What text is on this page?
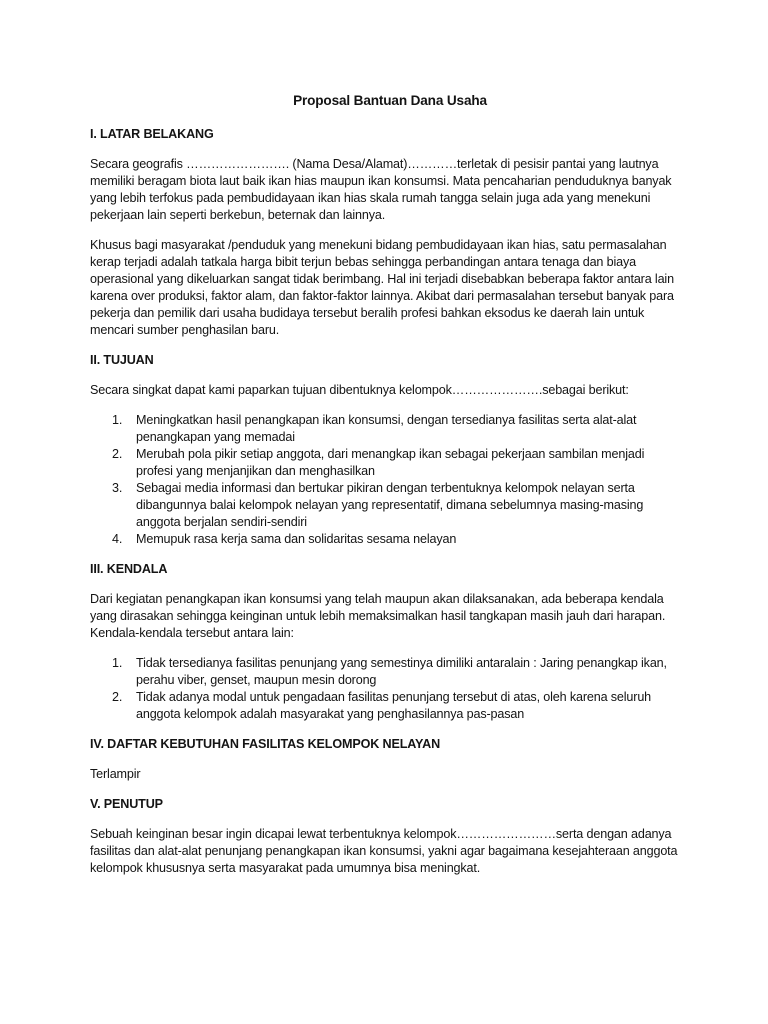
Proposal Bantuan Dana Usaha
I. LATAR BELAKANG

Secara geografis ……………………. (Nama Desa/Alamat)…………terletak di pesisir pantai yang lautnya memiliki beragam biota laut baik ikan hias maupun ikan konsumsi. Mata pencaharian penduduknya banyak yang lebih terfokus pada pembudidayaan ikan hias skala rumah tangga selain juga ada yang menekuni pekerjaan lain seperti berkebun, beternak dan lainnya.

Khusus bagi masyarakat /penduduk yang menekuni bidang pembudidayaan ikan hias, satu permasalahan kerap terjadi adalah tatkala harga bibit terjun bebas sehingga perbandingan antara tenaga dan biaya operasional yang dikeluarkan sangat tidak berimbang. Hal ini terjadi disebabkan beberapa faktor antara lain karena over produksi, faktor alam, dan faktor-faktor lainnya. Akibat dari permasalahan tersebut banyak para pekerja dan pemilik dari usaha budidaya tersebut beralih profesi bahkan eksodus ke daerah lain untuk mencari sumber penghasilan baru.

II. TUJUAN

Secara singkat dapat kami paparkan tujuan dibentuknya kelompok………………….sebagai berikut:

1. Meningkatkan hasil penangkapan ikan konsumsi, dengan tersedianya fasilitas serta alat-alat penangkapan yang memadai
2. Merubah pola pikir setiap anggota, dari menangkap ikan sebagai pekerjaan sambilan menjadi profesi yang menjanjikan dan menghasilkan
3. Sebagai media informasi dan bertukar pikiran dengan terbentuknya kelompok nelayan serta dibangunnya balai kelompok nelayan yang representatif, dimana sebelumnya masing-masing anggota berjalan sendiri-sendiri
4. Memupuk rasa kerja sama dan solidaritas sesama nelayan
III. KENDALA

Dari kegiatan penangkapan ikan konsumsi yang telah maupun akan dilaksanakan, ada beberapa kendala yang dirasakan sehingga keinginan untuk lebih memaksimalkan hasil tangkapan masih jauh dari harapan. Kendala-kendala tersebut antara lain:

1. Tidak tersedianya fasilitas penunjang yang semestinya dimiliki antaralain : Jaring penangkap ikan, perahu viber, genset, maupun mesin dorong
2. Tidak adanya modal untuk pengadaan fasilitas penunjang tersebut di atas, oleh karena seluruh anggota kelompok adalah masyarakat yang penghasilannya pas-pasan
IV. DAFTAR KEBUTUHAN FASILITAS KELOMPOK NELAYAN

Terlampir

V. PENUTUP

Sebuah keinginan besar ingin dicapai lewat terbentuknya kelompok……………………serta dengan adanya fasilitas dan alat-alat penunjang penangkapan ikan konsumsi, yakni agar bagaimana kesejahteraan anggota kelompok khususnya serta masyarakat pada umumnya bisa meningkat.
